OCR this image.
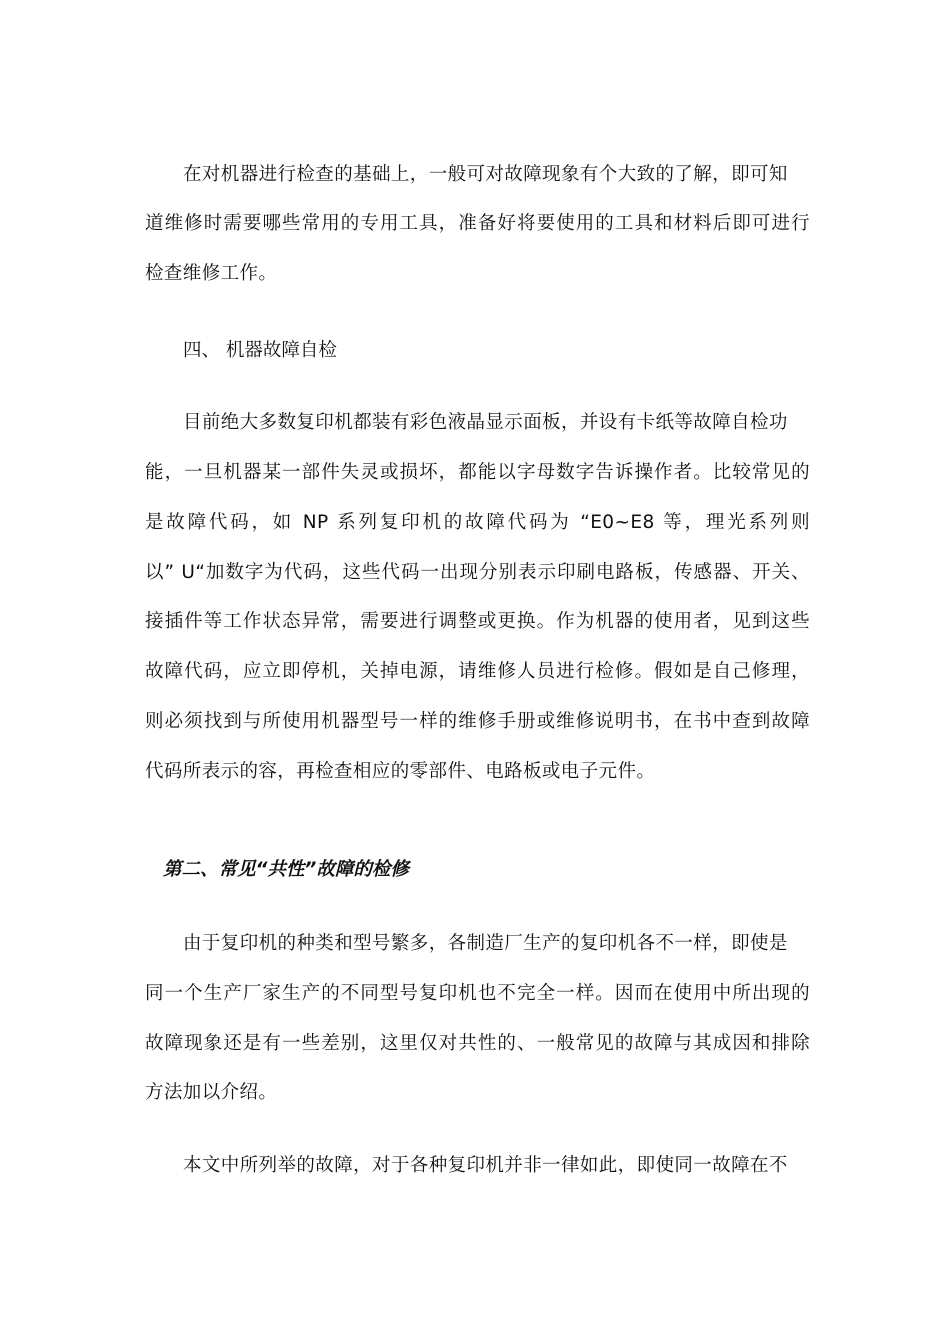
在对机器进行检查的基础上，一般可对故障现象有个大致的了解，即可知
道维修时需要哪些常用的专用工具，准备好将要使用的工具和材料后即可进行
检查维修工作。
四、 机器故障自检
目前绝大多数复印机都装有彩色液晶显示面板，并设有卡纸等故障自检功
能，一旦机器某一部件失灵或损坏，都能以字母数字告诉操作者。比较常见的
是故障代码，如 NP 系列复印机的故障代码为 “E0~E8 等，理光系列则
以” U“加数字为代码，这些代码一出现分别表示印刷电路板，传感器、开关、
接插件等工作状态异常，需要进行调整或更换。作为机器的使用者，见到这些
故障代码，应立即停机，关掉电源，请维修人员进行检修。假如是自己修理，
则必须找到与所使用机器型号一样的维修手册或维修说明书，在书中查到故障
代码所表示的容，再检查相应的零部件、电路板或电子元件。
第二、常见“共性”故障的检修
由于复印机的种类和型号繁多，各制造厂生产的复印机各不一样，即使是
同一个生产厂家生产的不同型号复印机也不完全一样。因而在使用中所出现的
故障现象还是有一些差别，这里仅对共性的、一般常见的故障与其成因和排除
方法加以介绍。
本文中所列举的故障，对于各种复印机并非一律如此，即使同一故障在不
